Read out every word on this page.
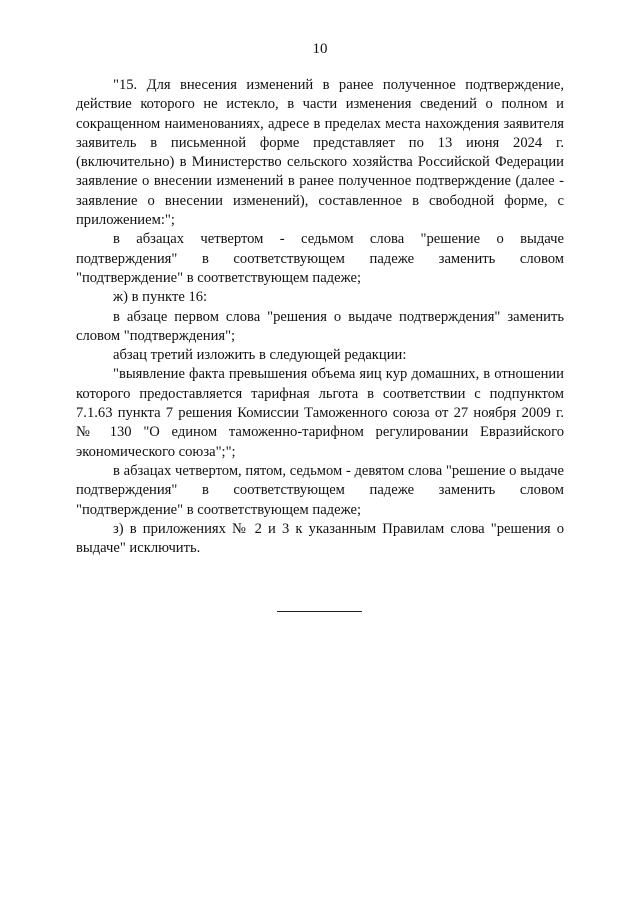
10

"15. Для внесения изменений в ранее полученное подтверждение, действие которого не истекло, в части изменения сведений о полном и сокращенном наименованиях, адресе в пределах места нахождения заявителя заявитель в письменной форме представляет по 13 июня 2024 г. (включительно) в Министерство сельского хозяйства Российской Федерации заявление о внесении изменений в ранее полученное подтверждение (далее - заявление о внесении изменений), составленное в свободной форме, с приложением:";

в абзацах четвертом - седьмом слова "решение о выдаче подтверждения" в соответствующем падеже заменить словом "подтверждение" в соответствующем падеже;

ж) в пункте 16:

в абзаце первом слова "решения о выдаче подтверждения" заменить словом "подтверждения";

абзац третий изложить в следующей редакции:

"выявление факта превышения объема яиц кур домашних, в отношении которого предоставляется тарифная льгота в соответствии с подпунктом 7.1.63 пункта 7 решения Комиссии Таможенного союза от 27 ноября 2009 г. № 130 "О едином таможенно-тарифном регулировании Евразийского экономического союза";";

в абзацах четвертом, пятом, седьмом - девятом слова "решение о выдаче подтверждения" в соответствующем падеже заменить словом "подтверждение" в соответствующем падеже;

з) в приложениях № 2 и 3 к указанным Правилам слова "решения о выдаче" исключить.
